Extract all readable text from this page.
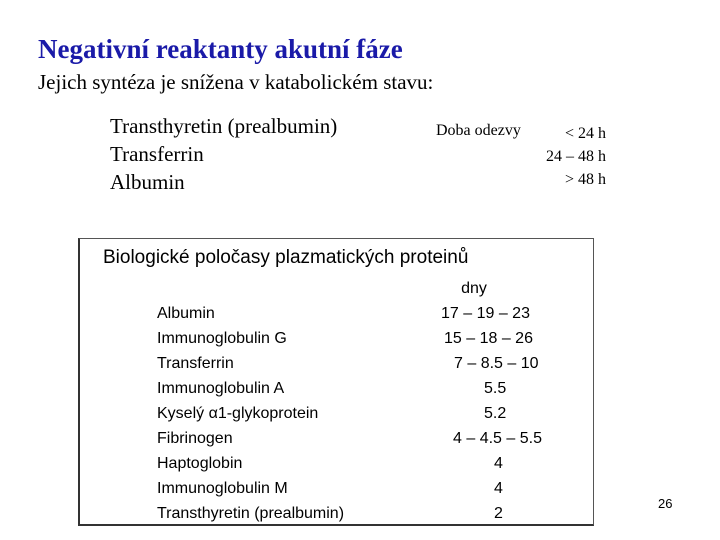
Negativní reaktanty akutní fáze
Jejich syntéza je snížena v katabolickém stavu:
Transthyretin (prealbumin)
Transferrin
Albumin
Doba odezvy	< 24 h
24 – 48 h
> 48 h
Biologické poločasy plazmatických proteinů
Albumin
Immunoglobulin G
Transferrin
Immunoglobulin A
Kyselý α1-glykoprotein
Fibrinogen
Haptoglobin
Immunoglobulin M
Transthyretin (prealbumin)
dny
17 – 19 – 23
15 – 18 – 26
7 – 8.5 – 10
5.5
5.2
4 – 4.5 – 5.5
4
4
2
26
